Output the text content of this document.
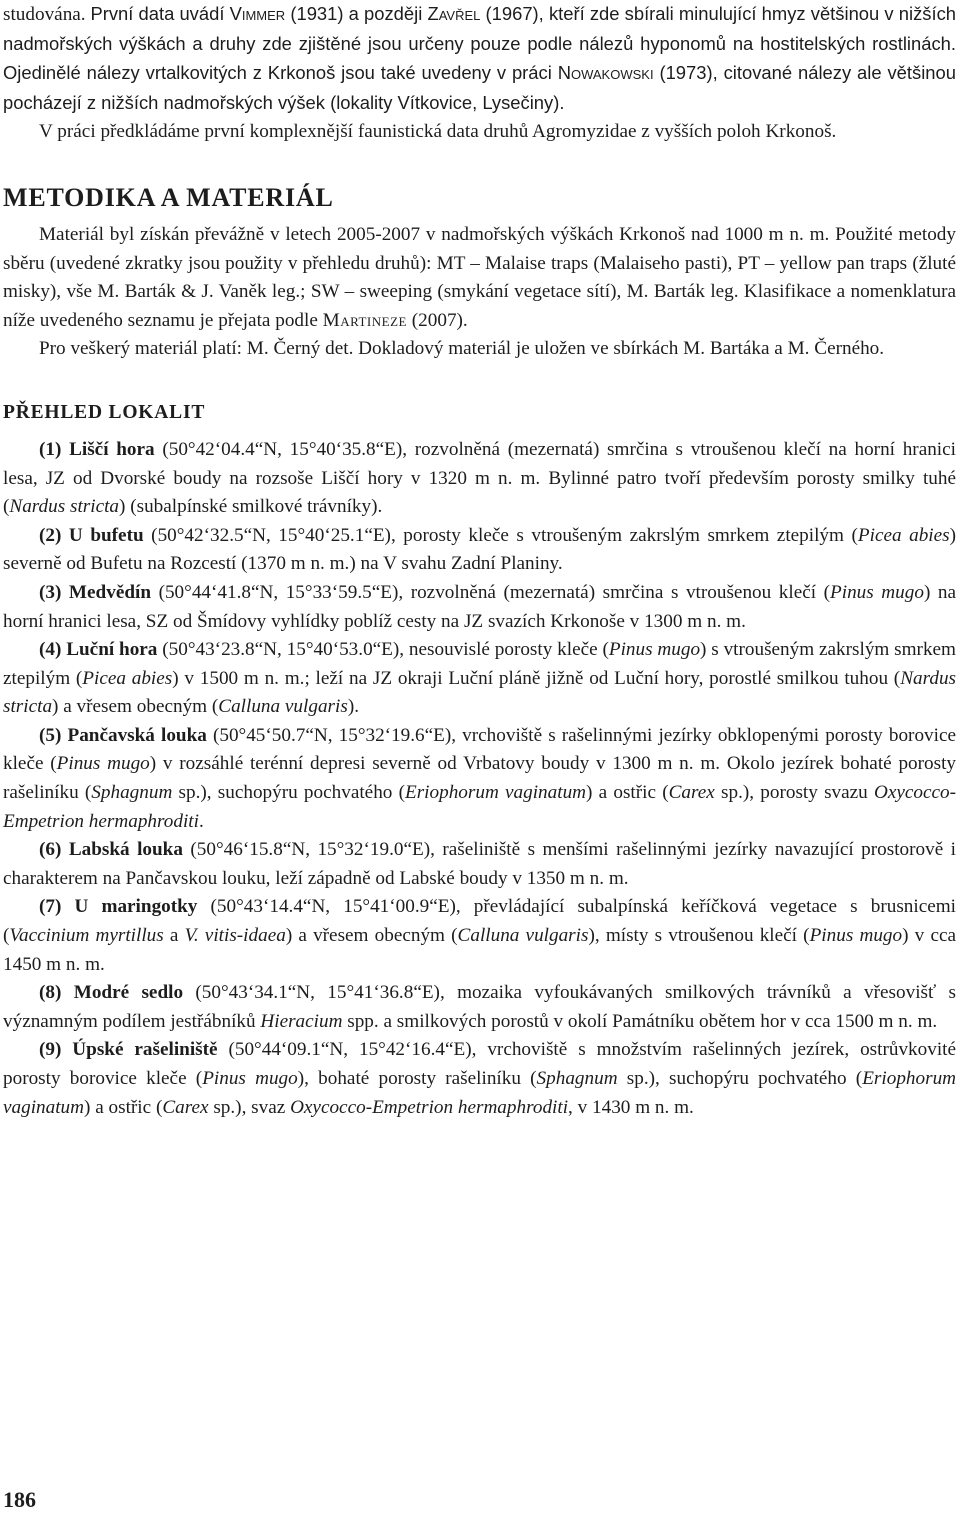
studována. První data uvádí Vimmer (1931) a později Zavřel (1967), kteří zde sbírali minulující hmyz většinou v nižších nadmořských výškách a druhy zde zjištěné jsou určeny pouze podle nálezů hyponomů na hostitelských rostlinách. Ojedinělé nálezy vrtalkovitých z Krkonoš jsou také uvedeny v práci Nowakowski (1973), citované nálezy ale většinou pocházejí z nižších nadmořských výšek (lokality Vítkovice, Lysečiny).

V práci předkládáme první komplexnější faunistická data druhů Agromyzidae z vyšších poloh Krkonoš.

METODIKA A MATERIÁL

Materiál byl získán převážně v letech 2005-2007 v nadmořských výškách Krkonoš nad 1000 m n. m. Použité metody sběru (uvedené zkratky jsou použity v přehledu druhů): MT – Malaise traps (Malaiseho pasti), PT – yellow pan traps (žluté misky), vše M. Barták & J. Vaněk leg.; SW – sweeping (smykání vegetace sítí), M. Barták leg. Klasifikace a nomenklatura níže uvedeného seznamu je přejata podle Martineze (2007).

Pro veškerý materiál platí: M. Černý det. Dokladový materiál je uložen ve sbírkách M. Bartáka a M. Černého.

PŘEHLED LOKALIT

(1) Liščí hora (50°42‘04.4“N, 15°40‘35.8“E), rozvolněná (mezernatá) smrčina s vtroušenou klečí na horní hranici lesa, JZ od Dvorské boudy na rozsoše Liščí hory v 1320 m n. m. Bylinné patro tvoří především porosty smilky tuhé (Nardus stricta) (subalpínské smilkové trávníky).

(2) U bufetu (50°42‘32.5“N, 15°40‘25.1“E), porosty kleče s vtroušeným zakrslým smrkem ztepilým (Picea abies) severně od Bufetu na Rozcestí (1370 m n. m.) na V svahu Zadní Planiny.

(3) Medvědín (50°44‘41.8“N, 15°33‘59.5“E), rozvolněná (mezernatá) smrčina s vtroušenou klečí (Pinus mugo) na horní hranici lesa, SZ od Šmídovy vyhlídky poblíž cesty na JZ svazích Krkonoše v 1300 m n. m.

(4) Luční hora (50°43‘23.8“N, 15°40‘53.0“E), nesouvislé porosty kleče (Pinus mugo) s vtroušeným zakrslým smrkem ztepilým (Picea abies) v 1500 m n. m.; leží na JZ okraji Luční pláně jižně od Luční hory, porostlé smilkou tuhou (Nardus stricta) a vřesem obecným (Calluna vulgaris).

(5) Pančavská louka (50°45‘50.7“N, 15°32‘19.6“E), vrchoviště s rašelinnými jezírky obklopenými porosty borovice kleče (Pinus mugo) v rozsáhlé terénní depresi severně od Vrbatovy boudy v 1300 m n. m. Okolo jezírek bohaté porosty rašeliníku (Sphagnum sp.), suchopýru pochvatého (Eriophorum vaginatum) a ostřic (Carex sp.), porosty svazu Oxycocco-Empetrion hermaphroditi.

(6) Labská louka (50°46‘15.8“N, 15°32‘19.0“E), rašeliniště s menšími rašelinnými jezírky navazující prostorově i charakterem na Pančavskou louku, leží západně od Labské boudy v 1350 m n. m.

(7) U maringotky (50°43‘14.4“N, 15°41‘00.9“E), převládající subalpínská keříčková vegetace s brusnicemi (Vaccinium myrtillus a V. vitis-idaea) a vřesem obecným (Calluna vulgaris), místy s vtroušenou klečí (Pinus mugo) v cca 1450 m n. m.

(8) Modré sedlo (50°43‘34.1“N, 15°41‘36.8“E), mozaika vyfoukávaných smilkových trávníků a vřesovišť s významným podílem jestřábníků Hieracium spp. a smilkových porostů v okolí Památníku obětem hor v cca 1500 m n. m.

(9) Úpské rašeliniště (50°44‘09.1“N, 15°42‘16.4“E), vrchoviště s množstvím rašelinných jezírek, ostrůvkovité porosty borovice kleče (Pinus mugo), bohaté porosty rašeliníku (Sphagnum sp.), suchopýru pochvatého (Eriophorum vaginatum) a ostřic (Carex sp.), svaz Oxycocco-Empetrion hermaphroditi, v 1430 m n. m.

186
